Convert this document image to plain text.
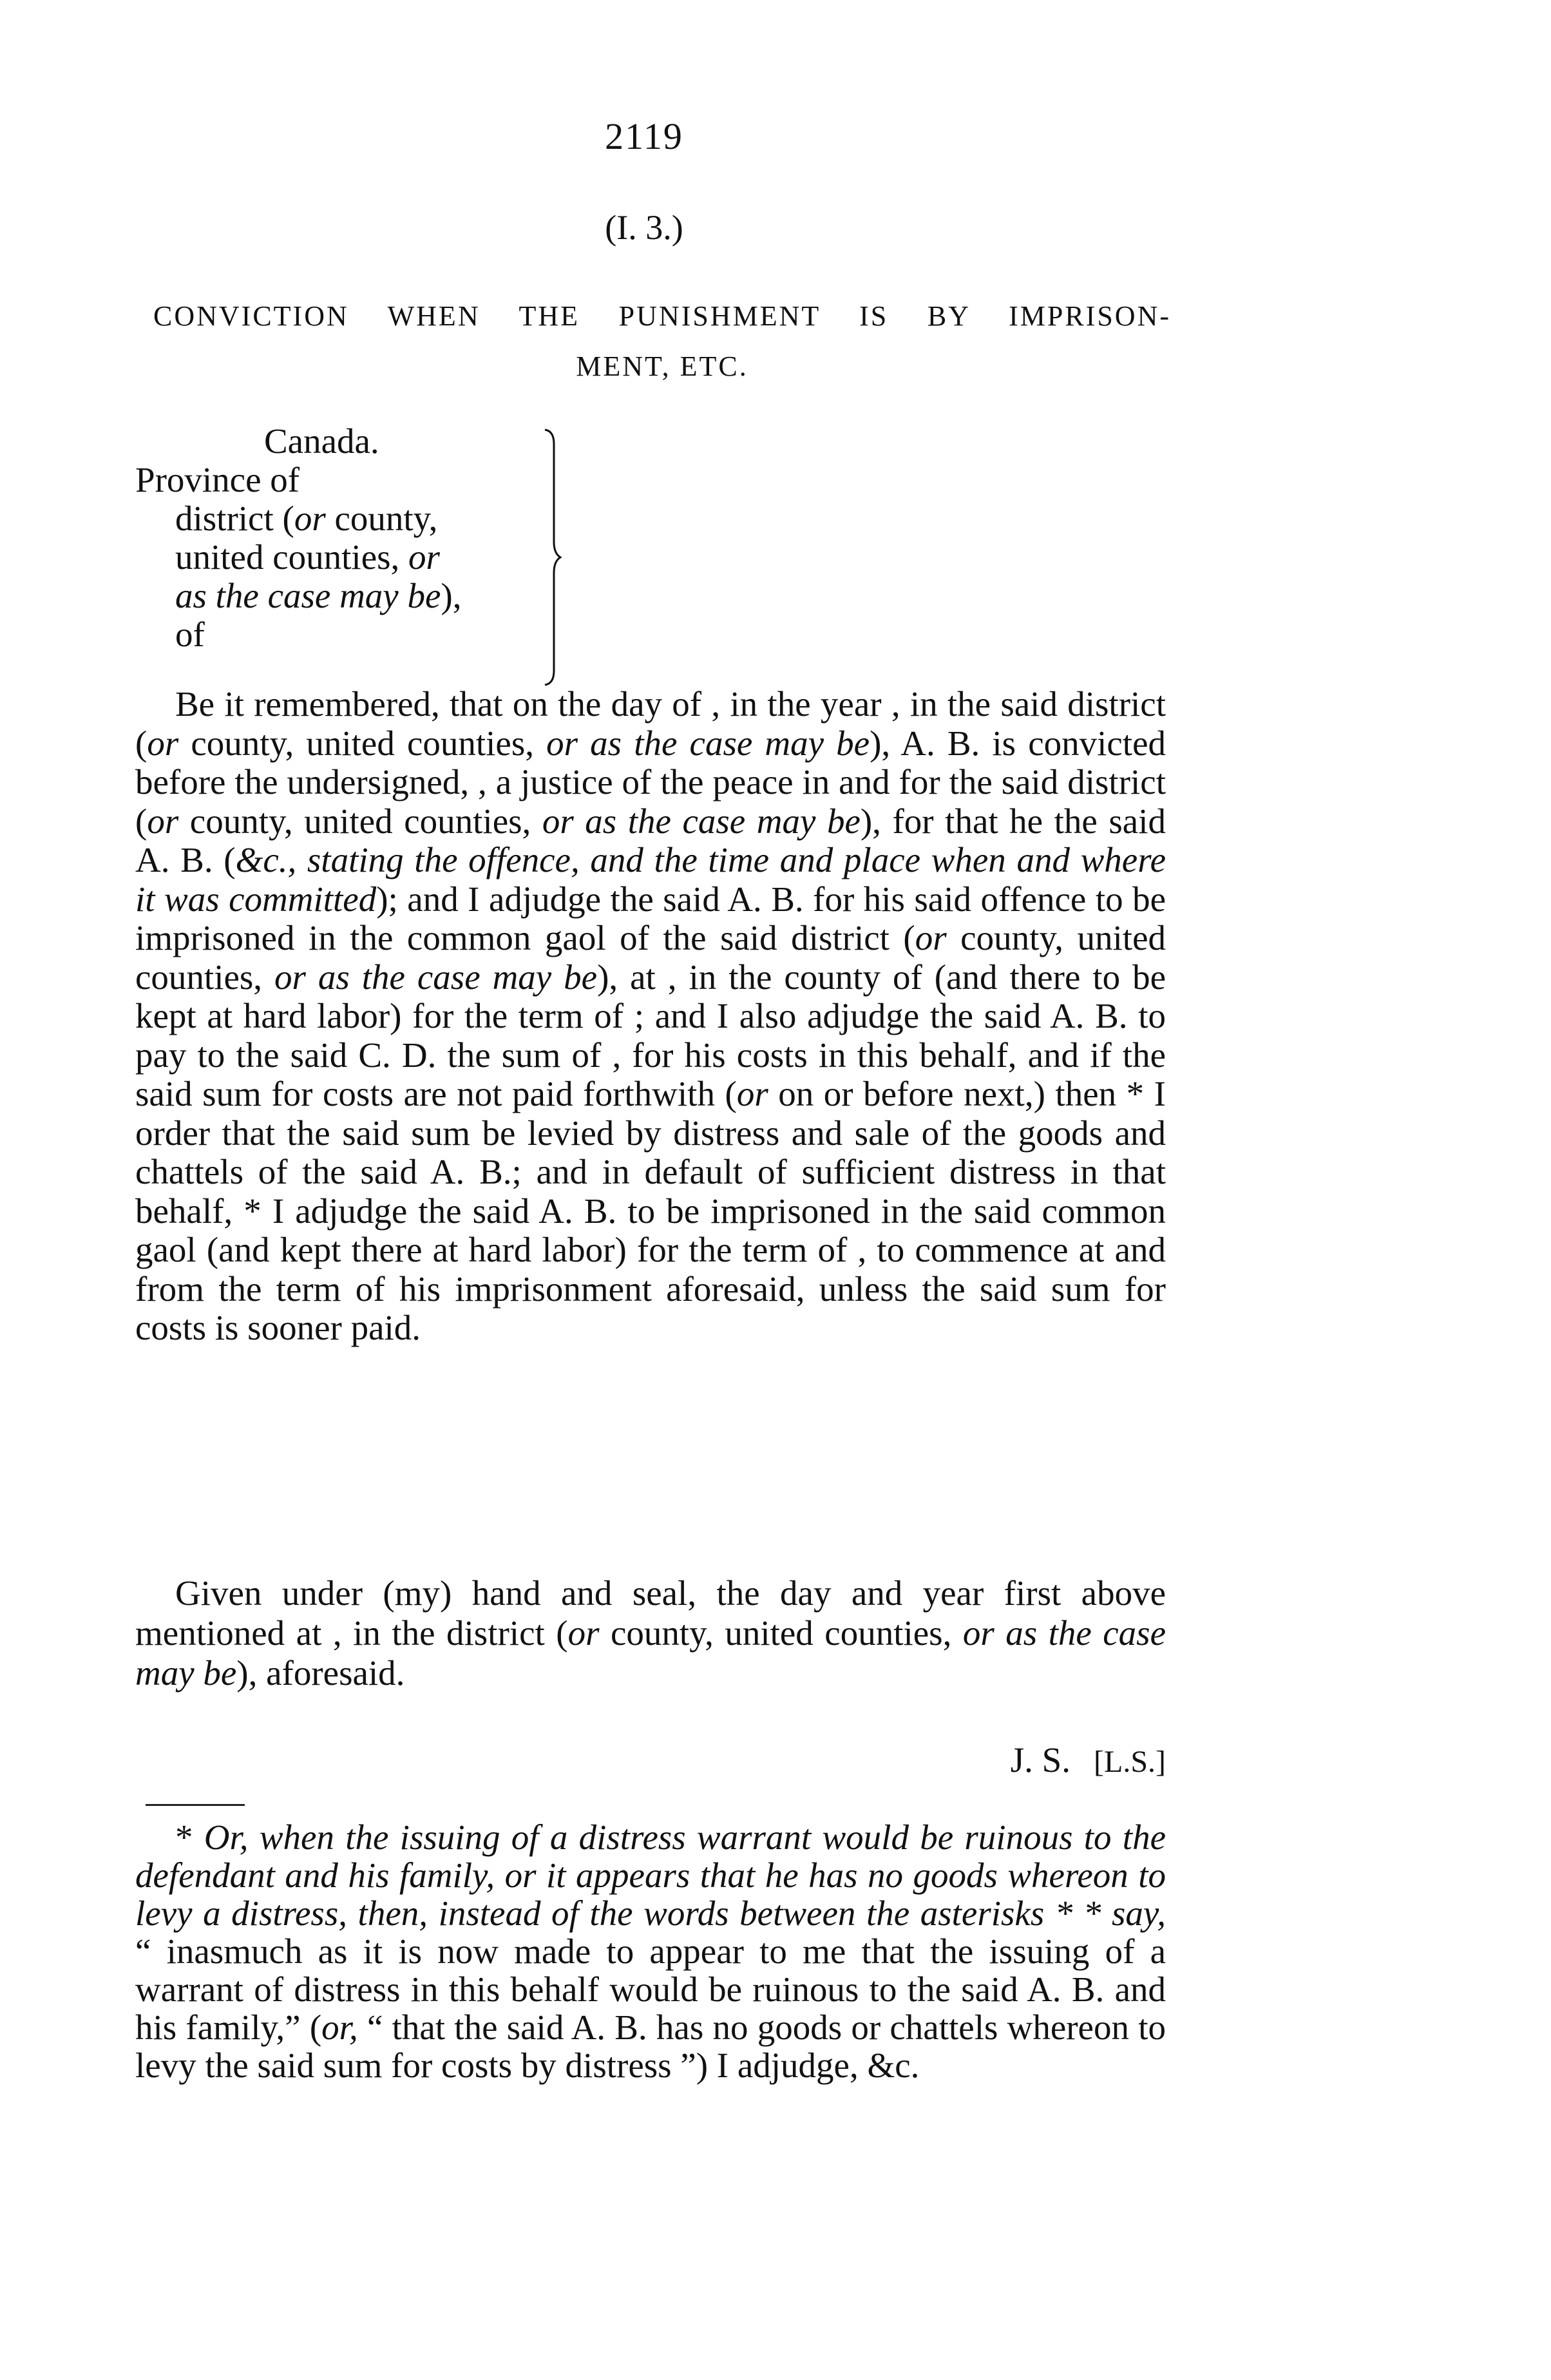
2119
(I. 3.)
CONVICTION WHEN THE PUNISHMENT IS BY IMPRISON-
MENT, ETC.
Canada.
Province of
district (or county,
united counties, or
as the case may be),
of

Be it remembered, that on the day of , in the year , in the said district (or county, united counties, or as the case may be), A. B. is convicted before the undersigned, , a justice of the peace in and for the said district (or county, united counties, or as the case may be), for that he the said A. B. (&c., stating the offence, and the time and place when and where it was committed); and I adjudge the said A. B. for his said offence to be imprisoned in the common gaol of the said district (or county, united counties, or as the case may be), at , in the county of (and there to be kept at hard labor) for the term of ; and I also adjudge the said A. B. to pay to the said C. D. the sum of , for his costs in this behalf, and if the said sum for costs are not paid forthwith (or on or before next,) then * I order that the said sum be levied by distress and sale of the goods and chattels of the said A. B.; and in default of sufficient distress in that behalf, * I adjudge the said A. B. to be imprisoned in the said common gaol (and kept there at hard labor) for the term of , to commence at and from the term of his imprisonment aforesaid, unless the said sum for costs is sooner paid.

Given under (my) hand and seal, the day and year first above mentioned at , in the district (or county, united counties, or as the case may be), aforesaid.

J. S. [L.S.]

* Or, when the issuing of a distress warrant would be ruinous to the defendant and his family, or it appears that he has no goods whereon to levy a distress, then, instead of the words between the asterisks * * say, “ inasmuch as it is now made to appear to me that the issuing of a warrant of distress in this behalf would be ruinous to the said A. B. and his family,” (or, “ that the said A. B. has no goods or chattels whereon to levy the said sum for costs by distress ”) I adjudge, &c.
